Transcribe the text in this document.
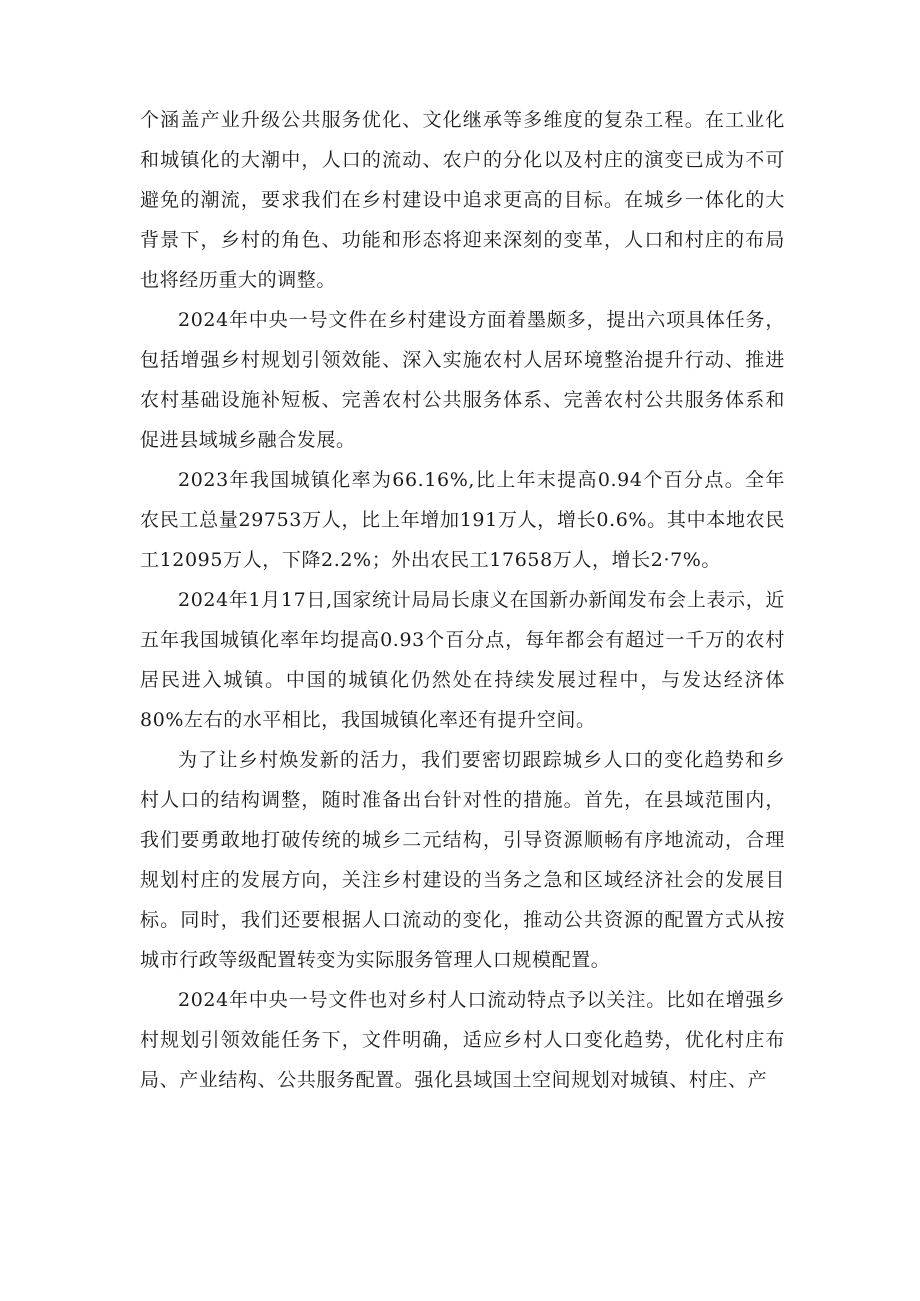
个涵盖产业升级公共服务优化、文化继承等多维度的复杂工程。在工业化和城镇化的大潮中，人口的流动、农户的分化以及村庄的演变已成为不可避免的潮流，要求我们在乡村建设中追求更高的目标。在城乡一体化的大背景下，乡村的角色、功能和形态将迎来深刻的变革，人口和村庄的布局也将经历重大的调整。

2024年中央一号文件在乡村建设方面着墨颇多，提出六项具体任务，包括增强乡村规划引领效能、深入实施农村人居环境整治提升行动、推进农村基础设施补短板、完善农村公共服务体系、完善农村公共服务体系和促进县域城乡融合发展。

2023年我国城镇化率为66.16%,比上年末提高0.94个百分点。全年农民工总量29753万人，比上年增加191万人，增长0.6%。其中本地农民工12095万人，下降2.2%；外出农民工17658万人，增长2·7%。

2024年1月17日,国家统计局局长康义在国新办新闻发布会上表示，近五年我国城镇化率年均提高0.93个百分点，每年都会有超过一千万的农村居民进入城镇。中国的城镇化仍然处在持续发展过程中，与发达经济体80%左右的水平相比，我国城镇化率还有提升空间。

为了让乡村焕发新的活力，我们要密切跟踪城乡人口的变化趋势和乡村人口的结构调整，随时准备出台针对性的措施。首先，在县域范围内，我们要勇敢地打破传统的城乡二元结构，引导资源顺畅有序地流动，合理规划村庄的发展方向，关注乡村建设的当务之急和区域经济社会的发展目标。同时，我们还要根据人口流动的变化，推动公共资源的配置方式从按城市行政等级配置转变为实际服务管理人口规模配置。

2024年中央一号文件也对乡村人口流动特点予以关注。比如在增强乡村规划引领效能任务下，文件明确，适应乡村人口变化趋势，优化村庄布局、产业结构、公共服务配置。强化县域国土空间规划对城镇、村庄、产
